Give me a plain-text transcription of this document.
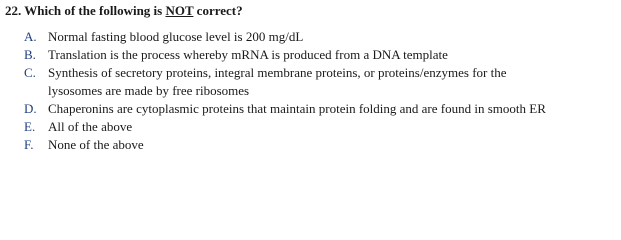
22. Which of the following is NOT correct?
A. Normal fasting blood glucose level is 200 mg/dL
B. Translation is the process whereby mRNA is produced from a DNA template
C. Synthesis of secretory proteins, integral membrane proteins, or proteins/enzymes for the
lysosomes are made by free ribosomes
D. Chaperonins are cytoplasmic proteins that maintain protein folding and are found in smooth ER
E. All of the above
F.	None of the above
